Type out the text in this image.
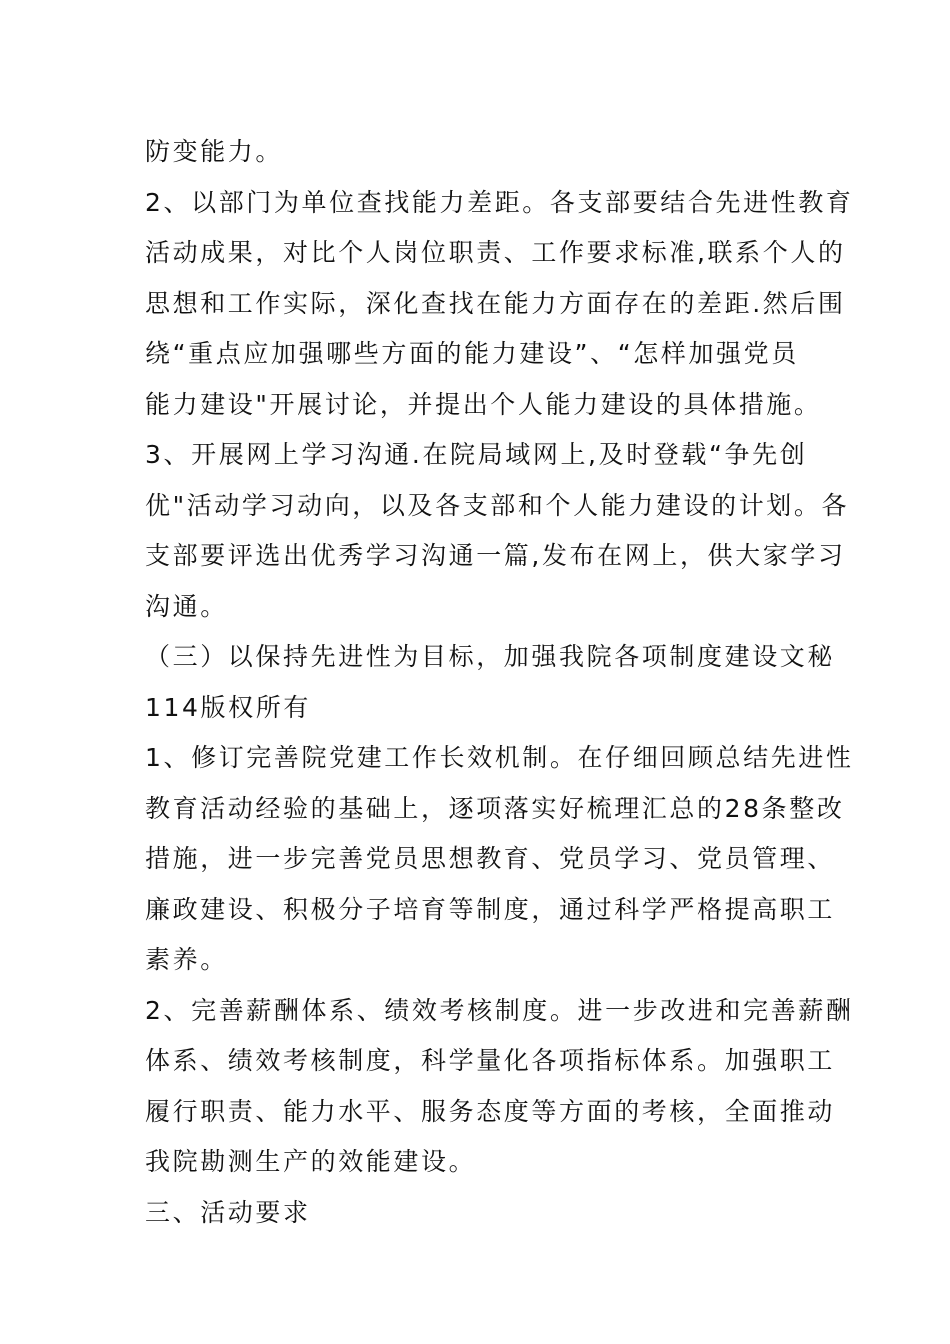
防变能力。

2、以部门为单位查找能力差距。各支部要结合先进性教育

活动成果，对比个人岗位职责、工作要求标准,联系个人的

思想和工作实际，深化查找在能力方面存在的差距.然后围

绕“重点应加强哪些方面的能力建设”、“怎样加强党员

能力建设"开展讨论，并提出个人能力建设的具体措施。

3、开展网上学习沟通.在院局域网上,及时登载“争先创

优"活动学习动向，以及各支部和个人能力建设的计划。各

支部要评选出优秀学习沟通一篇,发布在网上，供大家学习

沟通。

（三）以保持先进性为目标，加强我院各项制度建设文秘

114版权所有

1、修订完善院党建工作长效机制。在仔细回顾总结先进性

教育活动经验的基础上，逐项落实好梳理汇总的28条整改

措施，进一步完善党员思想教育、党员学习、党员管理、

廉政建设、积极分子培育等制度，通过科学严格提高职工

素养。

2、完善薪酬体系、绩效考核制度。进一步改进和完善薪酬

体系、绩效考核制度，科学量化各项指标体系。加强职工

履行职责、能力水平、服务态度等方面的考核，全面推动

我院勘测生产的效能建设。

三、活动要求
